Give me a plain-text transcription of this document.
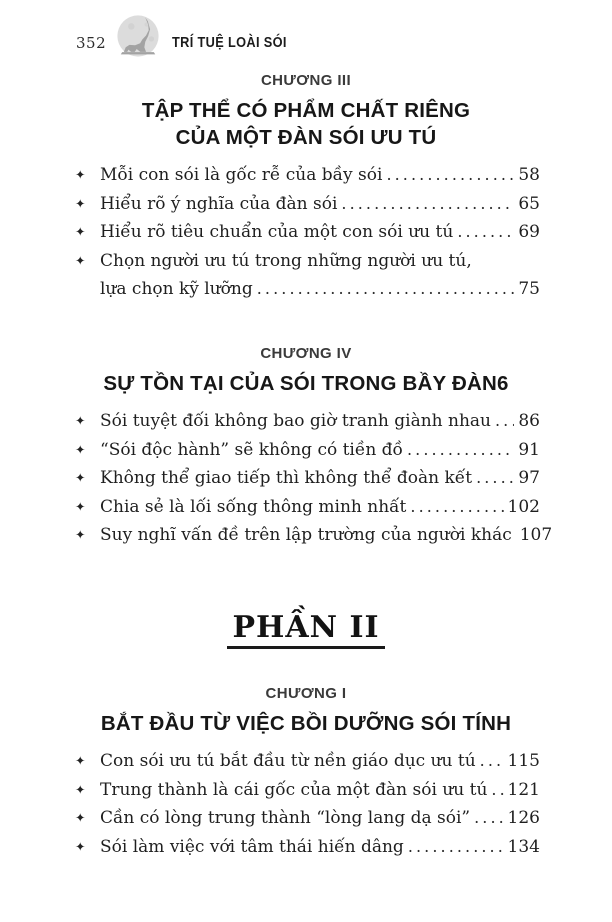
352	TRÍ TUỆ LOÀI SÓI
CHƯƠNG III
TẬP THỂ CÓ PHẨM CHẤT RIÊNG
CỦA MỘT ĐÀN SÓI ƯU TÚ
✦ Mỗi con sói là gốc rễ của bầy sói . . .	58
✦ Hiểu rõ ý nghĩa của đàn sói . . .	65
✦ Hiểu rõ tiêu chuẩn của một con sói ưu tú . . .	69
✦ Chọn người ưu tú trong những người ưu tú,
lựa chọn kỹ lưỡng . . .	75
CHƯƠNG IV
SỰ TỒN TẠI CỦA SÓI TRONG BẦY ĐÀN6
✦ Sói tuyệt đối không bao giờ tranh giành nhau . . . 86
✦ “Sói độc hành” sẽ không có tiền đồ . . .	91
✦ Không thể giao tiếp thì không thể đoàn kết . . .	97
✦ Chia sẻ là lối sống thông minh nhất . . .	102
✦ Suy nghĩ vấn đề trên lập trường của người khác 107
PHẦN II
CHƯƠNG I
BẮT ĐẦU TỪ VIỆC BỒI DƯỠNG SÓI TÍNH
✦ Con sói ưu tú bắt đầu từ nền giáo dục ưu tú . . . 115
✦ Trung thành là cái gốc của một đàn sói ưu tú . . . 121
✦ Cần có lòng trung thành “lòng lang dạ sói” . . . 126
✦ Sói làm việc với tâm thái hiến dâng . . .	134
